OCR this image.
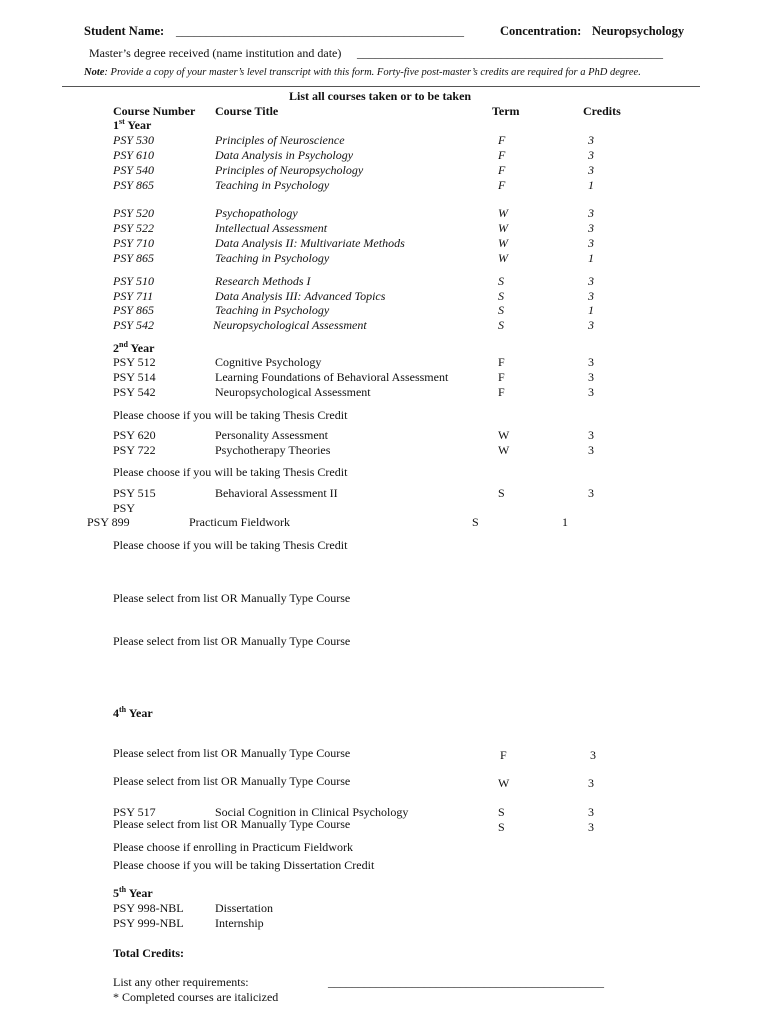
Student Name: ________________________________________________	Concentration: Neuropsychology
Master’s degree received (name institution and date) ___________________________________________________
Note: Provide a copy of your master’s level transcript with this form. Forty-five post-master’s credits are required for a PhD degree.
List all courses taken or to be taken
Course Number Course Title	Term	Credits
1st Year
PSY 530	Principles of Neuroscience	F	3
PSY 610	Data Analysis in Psychology	F	3
PSY 540	Principles of Neuropsychology	F	3
PSY 865	Teaching in Psychology	F	1
PSY 520	Psychopathology	W	3
PSY 522	Intellectual Assessment	W	3
PSY 710	Data Analysis II: Multivariate Methods	W	3
PSY 865	Teaching in Psychology	W	1
PSY 510	Research Methods I	S	3
PSY 711	Data Analysis III: Advanced Topics	S	3
PSY 865	Teaching in Psychology	S	1
PSY 542	Neuropsychological Assessment	S	3
2nd Year
PSY 512	Cognitive Psychology	F	3
PSY 514	Learning Foundations of Behavioral Assessment	F	3
PSY 542	Neuropsychological Assessment	F	3
Please choose if you will be taking Thesis Credit
PSY 620	Personality Assessment	W	3
PSY 722	Psychotherapy Theories	W	3
Please choose if you will be taking Thesis Credit
PSY 515	Behavioral Assessment II	S	3
PSY
PSY 899	Practicum Fieldwork	S	1
Please choose if you will be taking Thesis Credit
Please select from list OR Manually Type Course
Please select from list OR Manually Type Course
4th Year
Please select from list OR Manually Type Course	F	3
Please select from list OR Manually Type Course	W	3
PSY 517	Social Cognition in Clinical Psychology	S	3
Please select from list OR Manually Type Course	S	3
Please choose if enrolling in Practicum Fieldwork
Please choose if you will be taking Dissertation Credit
5th Year
PSY 998-NBL	Dissertation
PSY 999-NBL	Internship
Total Credits:
List any other requirements:	______________________________________________
* Completed courses are italicized
